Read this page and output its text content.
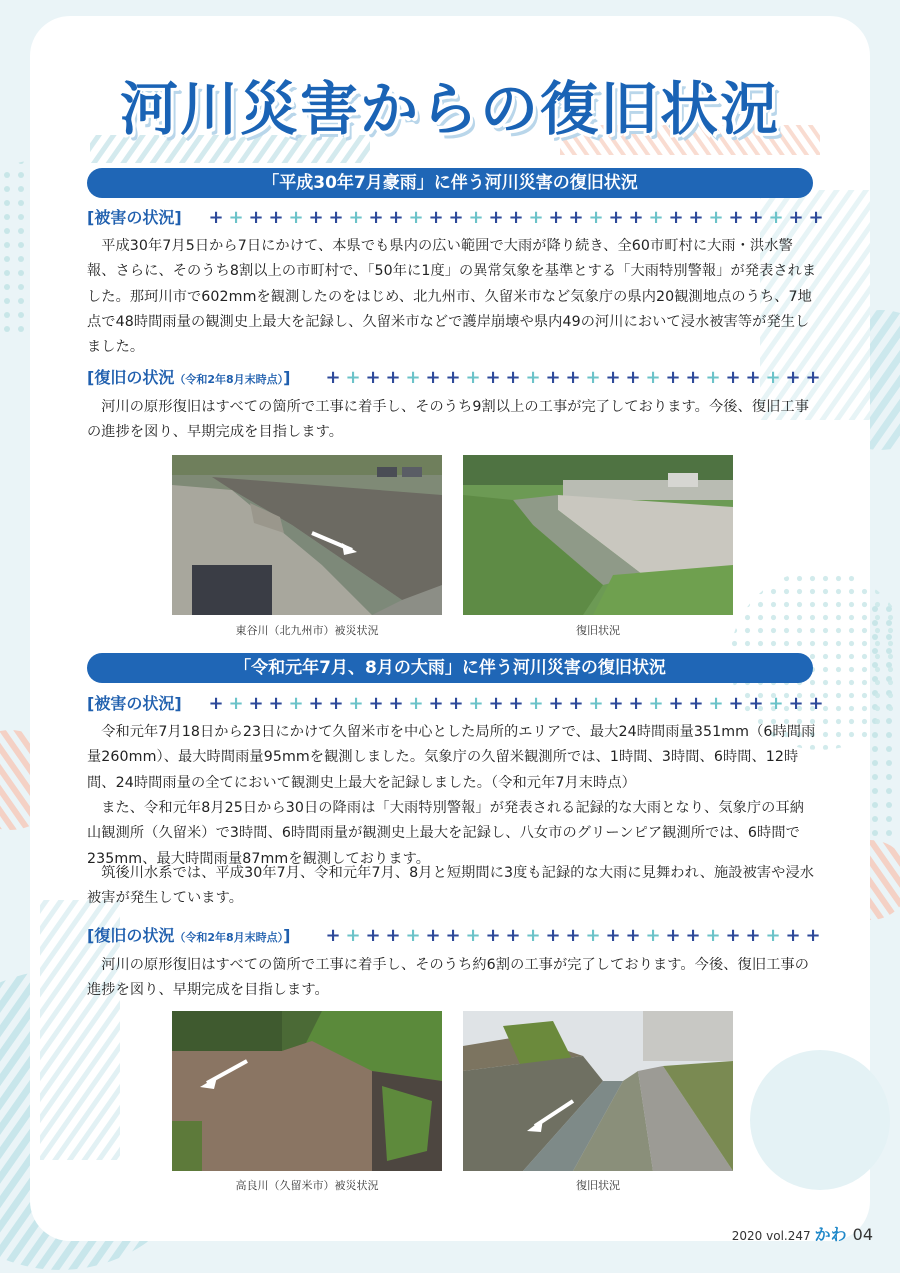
河川災害からの復旧状況
「平成30年7月豪雨」に伴う河川災害の復旧状況
[被害の状況] + + + + + + + + + + + + + + + + + + + + + + + + + + + + + + +

平成30年7月5日から7日にかけて、本県でも県内の広い範囲で大雨が降り続き、全60市町村に大雨・洪水警報、さらに、そのうち8割以上の市町村で、「50年に1度」の異常気象を基準とする「大雨特別警報」が発表されました。那珂川市で602mmを観測したのをはじめ、北九州市、久留米市など気象庁の県内20観測地点のうち、7地点で48時間雨量の観測史上最大を記録し、久留米市などで護岸崩壊や県内49の河川において浸水被害等が発生しました。

[復旧の状況（令和2年8月末時点）] + + + + + + + + + + + + + + + + + + + + + + + + +

河川の原形復旧はすべての箇所で工事に着手し、そのうち9割以上の工事が完了しております。今後、復旧工事の進捗を図り、早期完成を目指します。

東谷川（北九州市）被災状況	復旧状況
「令和元年7月、8月の大雨」に伴う河川災害の復旧状況
[被害の状況] + + + + + + + + + + + + + + + + + + + + + + + + + + + + + + +

令和元年7月18日から23日にかけて久留米市を中心とした局所的エリアで、最大24時間雨量351mm（6時間雨量260mm）、最大時間雨量95mmを観測しました。気象庁の久留米観測所では、1時間、3時間、6時間、12時間、24時間雨量の全てにおいて観測史上最大を記録しました。（令和元年7月末時点）

また、令和元年8月25日から30日の降雨は「大雨特別警報」が発表される記録的な大雨となり、気象庁の耳納山観測所（久留米）で3時間、6時間雨量が観測史上最大を記録し、八女市のグリーンピア観測所では、6時間で235mm、最大時間雨量87mmを観測しております。

筑後川水系では、平成30年7月、令和元年7月、8月と短期間に3度も記録的な大雨に見舞われ、施設被害や浸水被害が発生しています。

[復旧の状況（令和2年8月末時点）] + + + + + + + + + + + + + + + + + + + + + + + + +

河川の原形復旧はすべての箇所で工事に着手し、そのうち約6割の工事が完了しております。今後、復旧工事の進捗を図り、早期完成を目指します。

高良川（久留米市）被災状況	復旧状況
2020 vol.247 かわ 04
